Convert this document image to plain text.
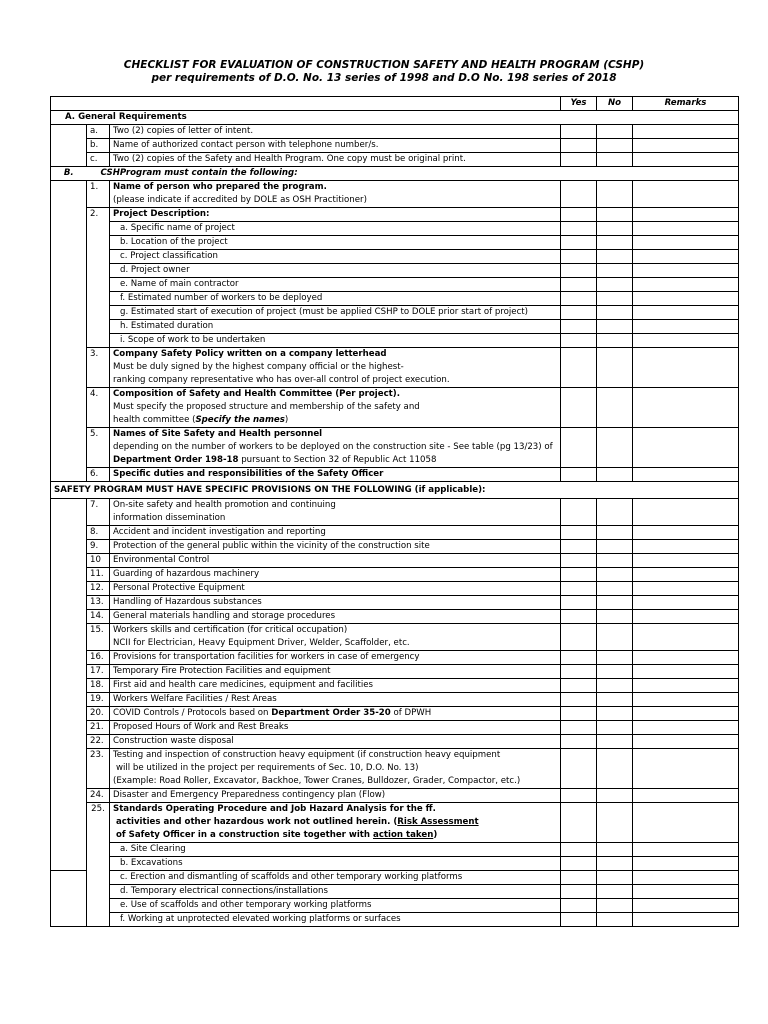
CHECKLIST FOR EVALUATION OF CONSTRUCTION SAFETY AND HEALTH PROGRAM (CSHP)
per requirements of D.O. No. 13 series of 1998 and D.O No. 198 series of 2018
			Yes	No	Remarks
A. General Requirements					
	a.	Two (2) copies of letter of intent.			
	b.	Name of authorized contact person with telephone number/s.			
	c.	Two (2) copies of the Safety and Health Program. One copy must be original print.			
B.	CSHProgram must contain the following:				
	1.	Name of person who prepared the program.			
		(please indicate if accredited by DOLE as OSH Practitioner)			
	2.	Project Description:			
		a. Specific name of project			
		b. Location of the project			
		c. Project classification			
		d. Project owner			
		e. Name of main contractor			
		f. Estimated number of workers to be deployed			
		g. Estimated start of execution of project (must be applied CSHP to DOLE prior start of project)			
		h. Estimated duration			
		i. Scope of work to be undertaken			
	3.	Company Safety Policy written on a company letterhead			
		Must be duly signed by the highest company official or the highest-			
		ranking company representative who has over-all control of project execution.			
	4.	Composition of Safety and Health Committee (Per project).			
		Must specify the proposed structure and membership of the safety and			
		health committee (Specify the names)			
	5.	Names of Site Safety and Health personnel			
		depending on the number of workers to be deployed on the construction site - See table (pg 13/23) of			
		Department Order 198-18 pursuant to Section 32 of Republic Act 11058			
	6.	Specific duties and responsibilities of the Safety Officer			
SAFETY PROGRAM MUST HAVE SPECIFIC PROVISIONS ON THE FOLLOWING (if applicable):					
	7.	On-site safety and health promotion and continuing			
		information dissemination			
	8.	Accident and incident investigation and reporting			
	9.	Protection of the general public within the vicinity of the construction site			
	10	Environmental Control			
	11.	Guarding of hazardous machinery			
	12.	Personal Protective Equipment			
	13.	Handling of Hazardous substances			
	14.	General materials handling and storage procedures			
	15.	Workers skills and certification (for critical occupation)			
		NCII for Electrician, Heavy Equipment Driver, Welder, Scaffolder, etc.			
	16.	Provisions for transportation facilities for workers in case of emergency			
	17.	Temporary Fire Protection Facilities and equipment			
	18.	First aid and health care medicines, equipment and facilities			
	19.	Workers Welfare Facilities / Rest Areas			
	20.	COVID Controls / Protocols based on Department Order 35-20 of DPWH			
	21.	Proposed Hours of Work and Rest Breaks			
	22.	Construction waste disposal			
	23.	Testing and inspection of construction heavy equipment (if construction heavy equipment			
		will be utilized in the project per requirements of Sec. 10, D.O. No. 13)			
		(Example: Road Roller, Excavator, Backhoe, Tower Cranes, Bulldozer, Grader, Compactor, etc.)			
	24.	Disaster and Emergency Preparedness contingency plan (Flow)			
	25.	Standards Operating Procedure and Job Hazard Analysis for the ff.			
		activities and other hazardous work not outlined herein. (Risk Assessment			
		of Safety Officer in a construction site together with action taken)			
		a. Site Clearing			
		b. Excavations			
		c. Erection and dismantling of scaffolds and other temporary working platforms			
		d. Temporary electrical connections/installations			
		e. Use of scaffolds and other temporary working platforms			
		f. Working at unprotected elevated working platforms or surfaces			
